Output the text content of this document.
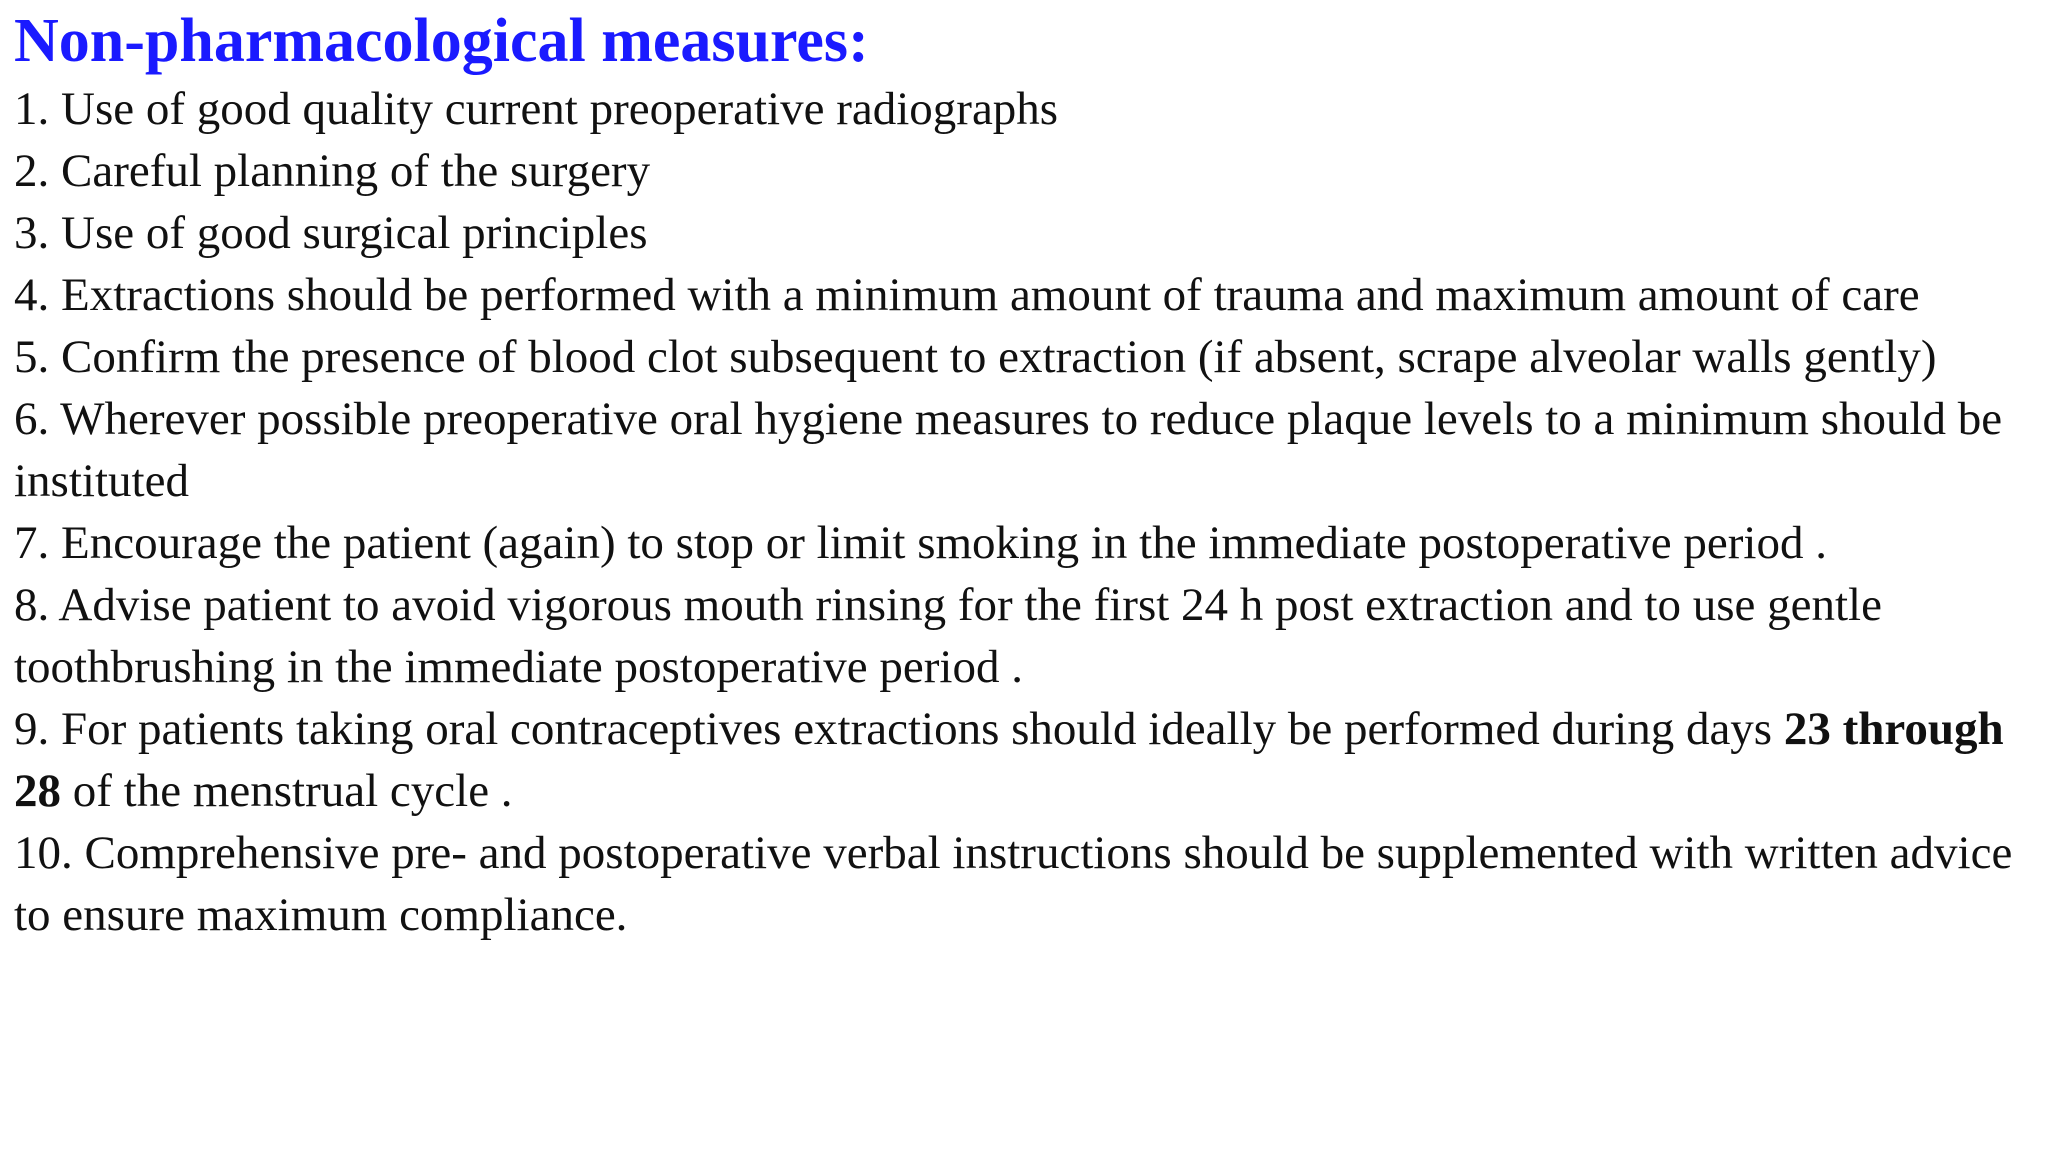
Non-pharmacological measures:
1. Use of good quality current preoperative radiographs
2. Careful planning of the surgery
3. Use of good surgical principles
4. Extractions should be performed with a minimum amount of trauma and maximum amount of care
5. Confirm the presence of blood clot subsequent to extraction (if absent, scrape alveolar walls gently)
6. Wherever possible preoperative oral hygiene measures to reduce plaque levels to a minimum should be instituted
7. Encourage the patient (again) to stop or limit smoking in the immediate postoperative period .
8. Advise patient to avoid vigorous mouth rinsing for the first 24 h post extraction and to use gentle toothbrushing in the immediate postoperative period .
9. For patients taking oral contraceptives extractions should ideally be performed during days 23 through 28 of the menstrual cycle .
10. Comprehensive pre- and postoperative verbal instructions should be supplemented with written advice to ensure maximum compliance.
